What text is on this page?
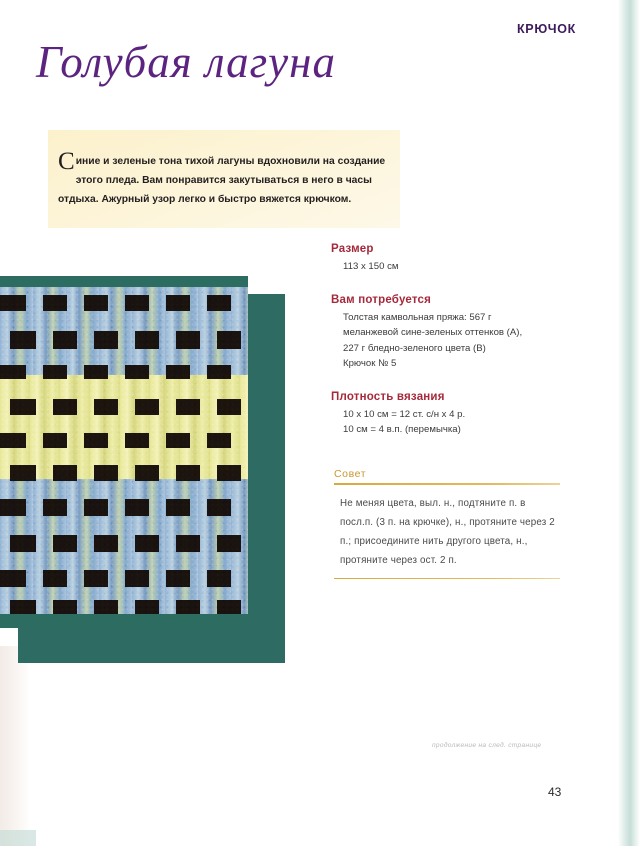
КРЮЧОК
Голубая лагуна
Синие и зеленые тона тихой лагуны вдохновили на создание этого пледа. Вам понравится закутываться в него в часы отдыха. Ажурный узор легко и быстро вяжется крючком.
Размер
113 x 150 см
Вам потребуется
Толстая камвольная пряжа: 567 г
меланжевой сине-зеленых оттенков (А),
227 г бледно-зеленого цвета (В)
Крючок № 5
Плотность вязания
10 x 10 см = 12 ст. с/н х 4 р.
10 см = 4 в.п. (перемычка)
Совет
Не меняя цвета, выл. н., подтяните п. в посл.п. (3 п. на крючке), н., протяните через 2 п.; присоедините нить другого цвета, н., протяните через ост. 2 п.
продолжение на след. странице
43
